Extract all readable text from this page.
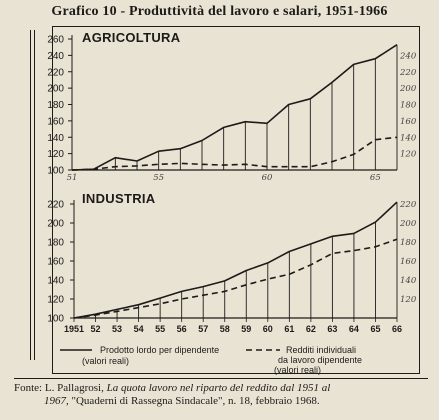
Grafico 10 - Produttività del lavoro e salari, 1951-1966
AGRICOLTURA
INDUSTRIA
100
120
140
160
180
200
220
240
260
51	55	60	65
240
220
200
180
160
140
120
100
120
140
160
180
200
220
1951 52 53 54 55 56 57 58 59 60 61 62 63 64 65 66
220
200
180
160
140
120
Prodotto lordo per dipendente
(valori reali)
Redditi individuali
da lavoro dipendente
(valori reali)
Fonte: L. Pallagrosi, La quota lavoro nel riparto del reddito dal 1951 al
1967, "Quaderni di Rassegna Sindacale", n. 18, febbraio 1968.
